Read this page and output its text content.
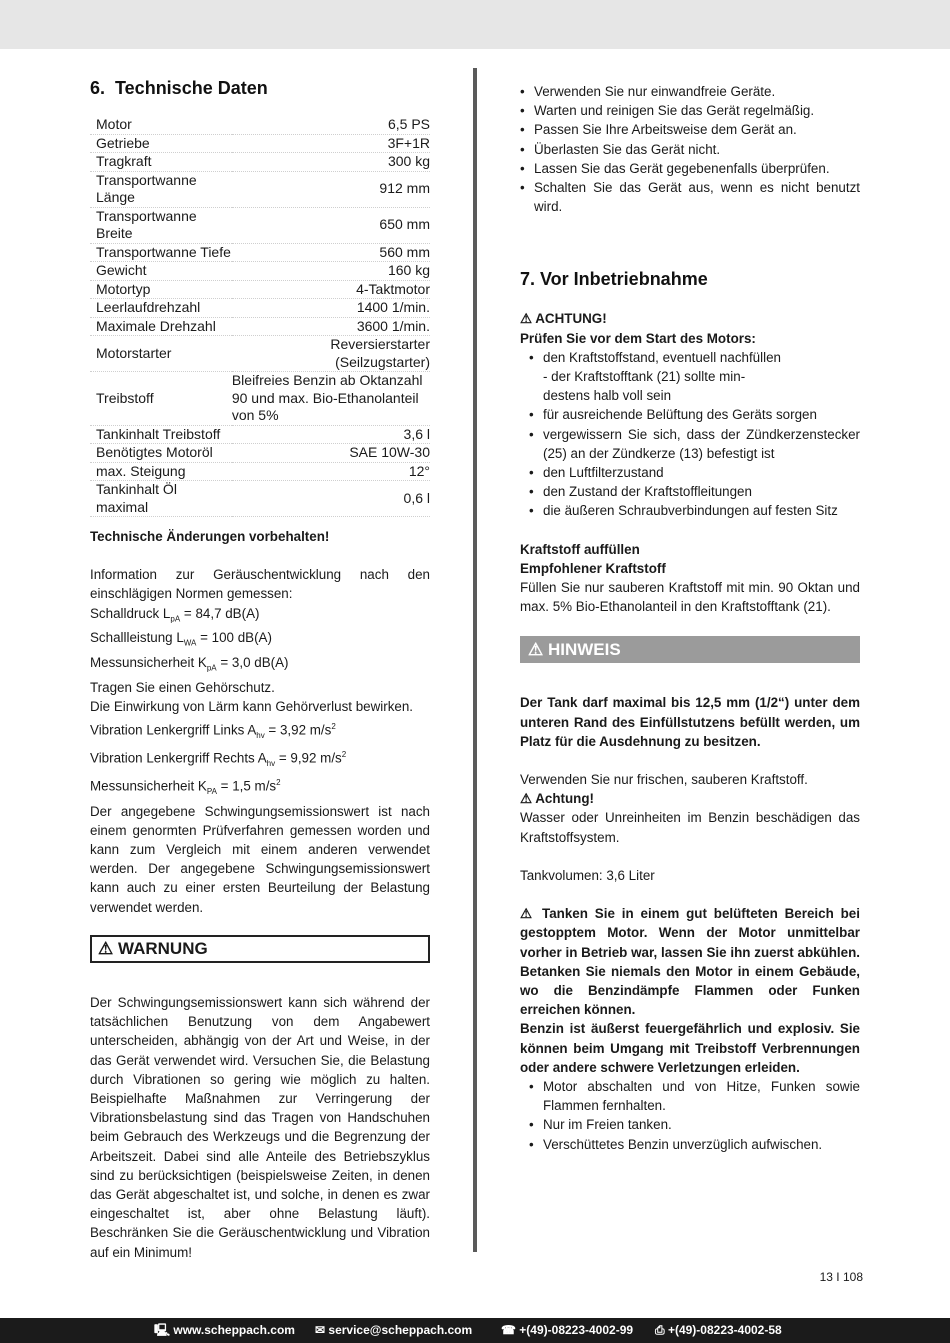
6.  Technische Daten
Motor	6,5 PS
Getriebe	3F+1R
Tragkraft	300 kg
Transportwanne Länge	912 mm
Transportwanne Breite	650 mm
Transportwanne Tiefe	560 mm
Gewicht	160 kg
Motortyp	4-Taktmotor
Leerlaufdrehzahl	1400 1/min.
Maximale Drehzahl	3600 1/min.
Motorstarter	Reversierstarter (Seilzugstarter)
Treibstoff	Bleifreies Benzin ab Oktanzahl 90 und max. Bio-Ethanolanteil von 5%
Tankinhalt Treibstoff	3,6 l
Benötigtes Motoröl	SAE 10W-30
max. Steigung	12°
Tankinhalt Öl maximal	0,6 l

Technische Änderungen vorbehalten!

Information zur Geräuschentwicklung nach den einschlägigen Normen gemessen:

Schalldruck $L_{pA} = 84,7$ dB(A)

Schallleistung $L_{WA} = 100$ dB(A)

Messunsicherheit $K_{pA} = 3,0$ dB(A)

Tragen Sie einen Gehörschutz.

Die Einwirkung von Lärm kann Gehörverlust bewirken.

Vibration Lenkergriff Links $A_{hv} = 3,92$ $m/s^2$

Vibration Lenkergriff Rechts $A_{hv} = 9,92$ $m/s^2$

Messunsicherheit $K_{PA} = 1,5$ $m/s^2$

Der angegebene Schwingungsemissionswert ist nach einem genormten Prüfverfahren gemessen worden und kann zum Vergleich mit einem anderen verwendet werden. Der angegebene Schwingungsemissionswert kann auch zu einer ersten Beurteilung der Belastung verwendet werden.

⚠ WARNUNG

Der Schwingungsemissionswert kann sich während der tatsächlichen Benutzung von dem Angabewert unterscheiden, abhängig von der Art und Weise, in der das Gerät verwendet wird. Versuchen Sie, die Belastung durch Vibrationen so gering wie möglich zu halten. Beispielhafte Maßnahmen zur Verringerung der Vibrationsbelastung sind das Tragen von Handschuhen beim Gebrauch des Werkzeugs und die Begrenzung der Arbeitszeit. Dabei sind alle Anteile des Betriebszyklus sind zu berücksichtigen (beispielsweise Zeiten, in denen das Gerät abgeschaltet ist, und solche, in denen es zwar eingeschaltet ist, aber ohne Belastung läuft). Beschränken Sie die Geräuschentwicklung und Vibration auf ein Minimum!

• Verwenden Sie nur einwandfreie Geräte.
• Warten und reinigen Sie das Gerät regelmäßig.
• Passen Sie Ihre Arbeitsweise dem Gerät an.
• Überlasten Sie das Gerät nicht.
• Lassen Sie das Gerät gegebenenfalls überprüfen.
• Schalten Sie das Gerät aus, wenn es nicht benutzt wird.
7. Vor Inbetriebnahme

⚠ ACHTUNG!

Prüfen Sie vor dem Start des Motors:

• den Kraftstoffstand, eventuell nachfüllen
- der Kraftstofftank (21) sollte min-
destens halb voll sein
• für ausreichende Belüftung des Geräts sorgen
• vergewissern Sie sich, dass der Zündkerzenstecker (25) an der Zündkerze (13) befestigt ist
• den Luftfilterzustand
• den Zustand der Kraftstoffleitungen
• die äußeren Schraubverbindungen auf festen Sitz

Kraftstoff auffüllen

Empfohlener Kraftstoff

Füllen Sie nur sauberen Kraftstoff mit min. 90 Oktan und max. 5% Bio-Ethanolanteil in den Kraftstofftank (21).

⚠ HINWEIS

Der Tank darf maximal bis 12,5 mm (1/2“) unter dem unteren Rand des Einfüllstutzens befüllt werden, um Platz für die Ausdehnung zu besitzen.

Verwenden Sie nur frischen, sauberen Kraftstoff.

⚠ Achtung!

Wasser oder Unreinheiten im Benzin beschädigen das Kraftstoffsystem.

Tankvolumen: 3,6 Liter

⚠ Tanken Sie in einem gut belüfteten Bereich bei gestopptem Motor. Wenn der Motor unmittelbar vorher in Betrieb war, lassen Sie ihn zuerst abkühlen. Betanken Sie niemals den Motor in einem Gebäude, wo die Benzindämpfe Flammen oder Funken erreichen können.

Benzin ist äußerst feuergefährlich und explosiv. Sie können beim Umgang mit Treibstoff Verbrennungen oder andere schwere Verletzungen erleiden.

• Motor abschalten und von Hitze, Funken sowie Flammen fernhalten.
• Nur im Freien tanken.
• Verschüttetes Benzin unverzüglich aufwischen.
13 I 108
🖳 www.scheppach.com ✉ service@scheppach.com ☎ +(49)-08223-4002-99 ⎙ +(49)-08223-4002-58
